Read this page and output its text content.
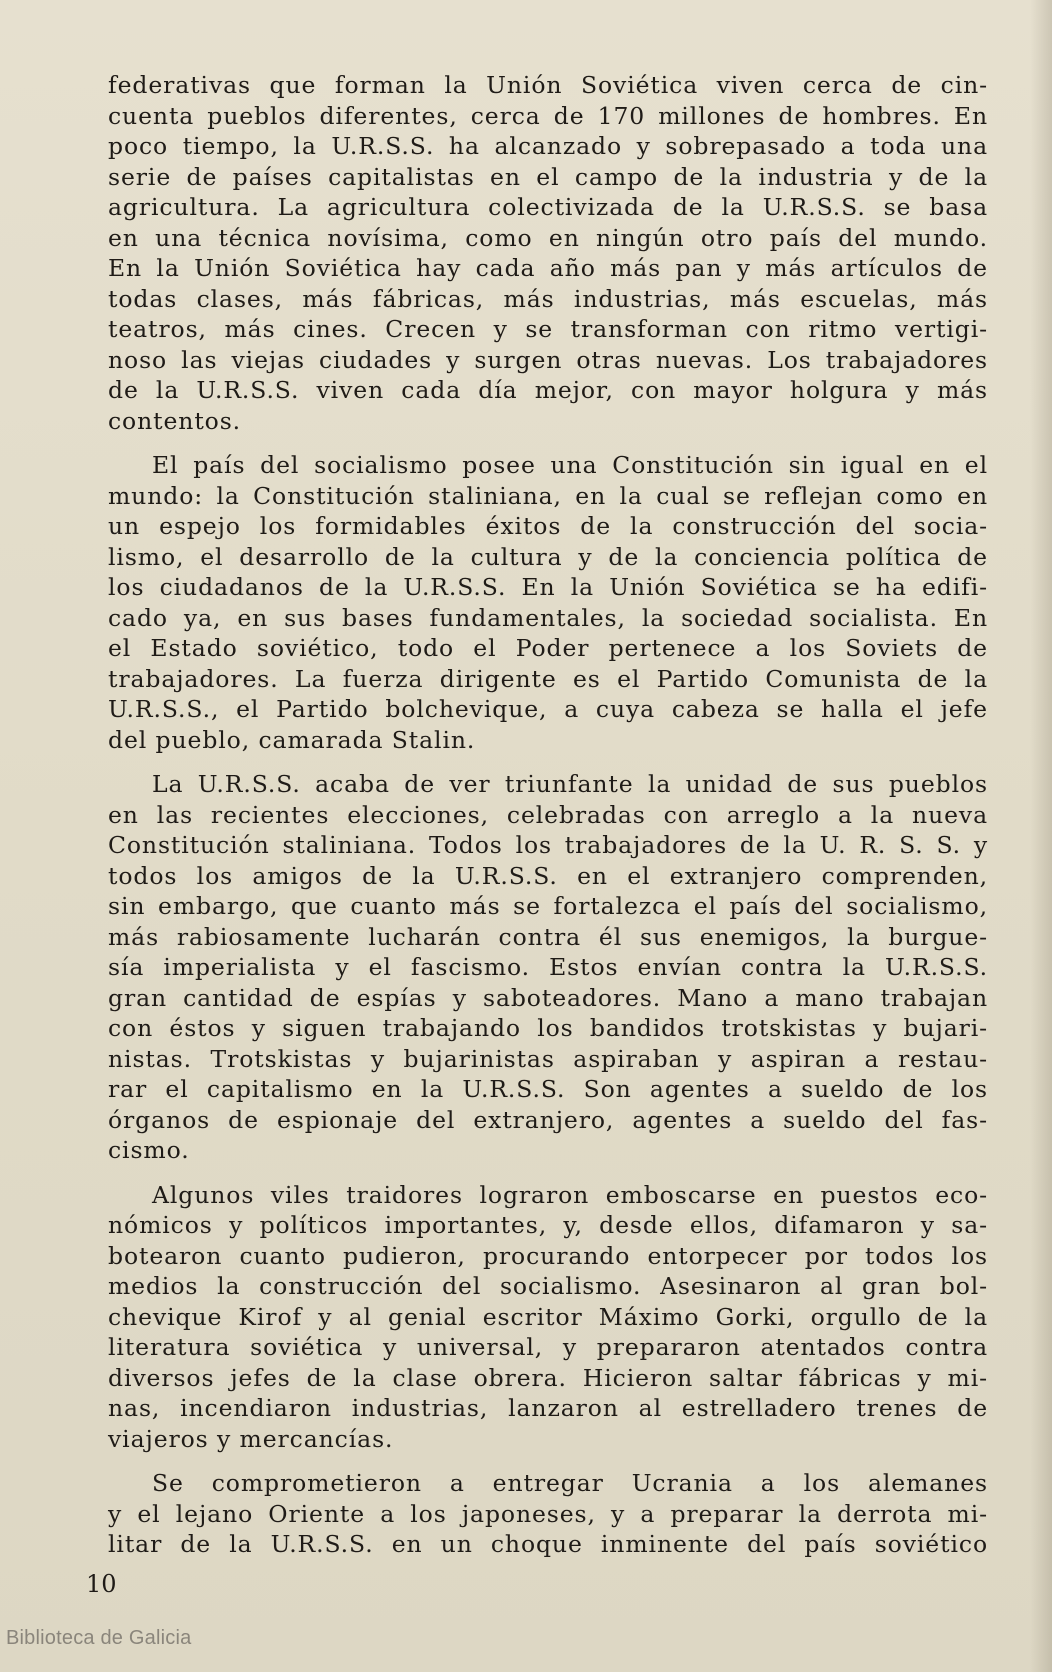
federativas que forman la Unión Soviética viven cerca de cin-
cuenta pueblos diferentes, cerca de 170 millones de hombres. En
poco tiempo, la U.R.S.S. ha alcanzado y sobrepasado a toda una
serie de países capitalistas en el campo de la industria y de la
agricultura. La agricultura colectivizada de la U.R.S.S. se basa
en una técnica novísima, como en ningún otro país del mundo.
En la Unión Soviética hay cada año más pan y más artículos de
todas clases, más fábricas, más industrias, más escuelas, más
teatros, más cines. Crecen y se transforman con ritmo vertigi-
noso las viejas ciudades y surgen otras nuevas. Los trabajadores
de la U.R.S.S. viven cada día mejor, con mayor holgura y más
contentos.
El país del socialismo posee una Constitución sin igual en el
mundo: la Constitución staliniana, en la cual se reflejan como en
un espejo los formidables éxitos de la construcción del socia-
lismo, el desarrollo de la cultura y de la conciencia política de
los ciudadanos de la U.R.S.S. En la Unión Soviética se ha edifi-
cado ya, en sus bases fundamentales, la sociedad socialista. En
el Estado soviético, todo el Poder pertenece a los Soviets de
trabajadores. La fuerza dirigente es el Partido Comunista de la
U.R.S.S., el Partido bolchevique, a cuya cabeza se halla el jefe
del pueblo, camarada Stalin.
La U.R.S.S. acaba de ver triunfante la unidad de sus pueblos
en las recientes elecciones, celebradas con arreglo a la nueva
Constitución staliniana. Todos los trabajadores de la U. R. S. S. y
todos los amigos de la U.R.S.S. en el extranjero comprenden,
sin embargo, que cuanto más se fortalezca el país del socialismo,
más rabiosamente lucharán contra él sus enemigos, la burgue-
sía imperialista y el fascismo. Estos envían contra la U.R.S.S.
gran cantidad de espías y saboteadores. Mano a mano trabajan
con éstos y siguen trabajando los bandidos trotskistas y bujari-
nistas. Trotskistas y bujarinistas aspiraban y aspiran a restau-
rar el capitalismo en la U.R.S.S. Son agentes a sueldo de los
órganos de espionaje del extranjero, agentes a sueldo del fas-
cismo.
Algunos viles traidores lograron emboscarse en puestos eco-
nómicos y políticos importantes, y, desde ellos, difamaron y sa-
botearon cuanto pudieron, procurando entorpecer por todos los
medios la construcción del socialismo. Asesinaron al gran bol-
chevique Kirof y al genial escritor Máximo Gorki, orgullo de la
literatura soviética y universal, y prepararon atentados contra
diversos jefes de la clase obrera. Hicieron saltar fábricas y mi-
nas, incendiaron industrias, lanzaron al estrelladero trenes de
viajeros y mercancías.
Se comprometieron a entregar Ucrania a los alemanes
y el lejano Oriente a los japoneses, y a preparar la derrota mi-
litar de la U.R.S.S. en un choque inminente del país soviético
10
Biblioteca de Galicia
